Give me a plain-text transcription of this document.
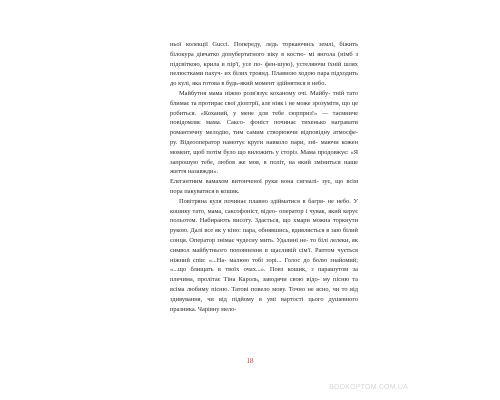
ньої колекції Gucci. Попереду, ледь торкаючись землі, біжить білокура дівчатко допубертатного віку в костю- мі янгола (німб з підсвіткою, крила в пір'ї, усе по- фен-шую), устеляючи їхній шлях пелюстками пахуч- их білих троянд. Плавною ходою пара підходить до кулі, яка готова в будь-який момент здійнятися в небо.

Майбутня мама ніжно розв'язує коханому очі. Майбу- тній тато блимає та протирає свої діоптрії, але ніяк і не може зрозуміти, що це робиться. «Коханий, у мене для тебе сюрприз!» — таємниче повідомляє мама. Саксо- фоніст починає тихенько награвати романтичну мелодію, тим самим створюючи відповідну атмосфе- ру. Відеооператор намотує круги навколо пари, зні- маючи кожен момент, щоб потім було що виложить у сторіз. Мама продовжує: «Я запрошую тебе, любов же моя, в політ, на який зміниться наше життя назавжди».

Елегантним вамахом витонченої руки вона сигналі- зує, що всім пора пакуватися в кошик.

Повітряна куля починає плавно здійматися в багря- не небо. У кошику тато, мама, саксофоніст, відео- оператор і чувак, який керує польотом. Набирають висоту. Здається, що хмари можна торкнути рукою. Далі все як у кіно: пара, обнявшись, вдивляється в заю білий сонця. Оператор знімає чудесну мить. Удалині не- то білі лелеки, як символ майбутнього поповнення в щасливій сім'ї. Раптом чується ніжний спів: «...На- малюю тобі зорі... Голос до болю знайомий; «...що блищать в твоїх очах...». Повз кошик, з парашутом за плечима, пролітає Тіна Кароль, заводячи свою відо- му пісню та всіма любиму пісню. Татові повело мову. Точно не ясно, чи то від здивування, чи від підйому в умі вартості цього душевного празника. Чарівну мело-

18
BOOKOPTOM.COM.UA
